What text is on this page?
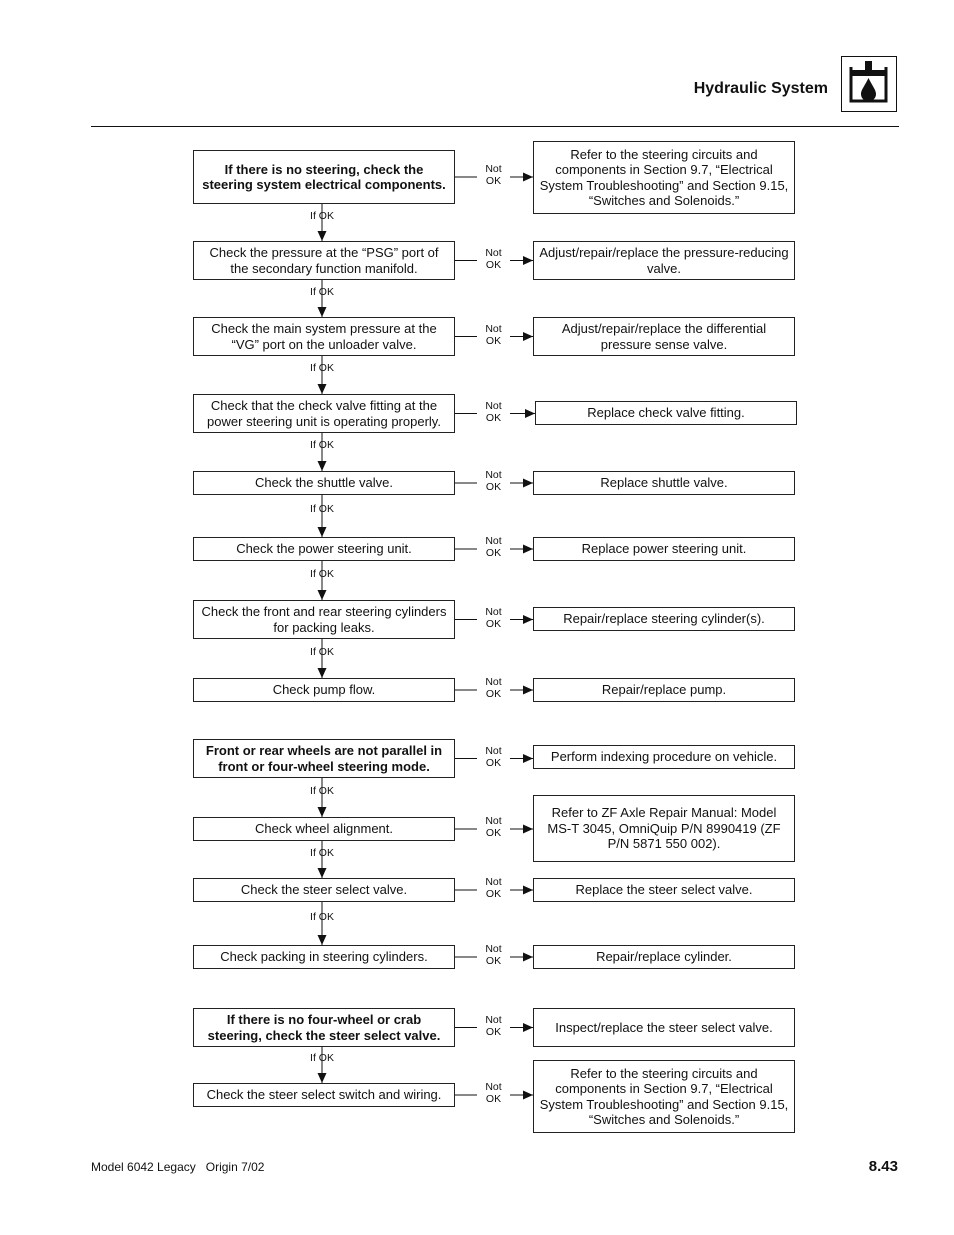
Hydraulic System
If there is no steering, check the steering system electrical components.
Refer to the steering circuits and components in Section 9.7, “Electrical System Troubleshooting” and Section 9.15, “Switches and Solenoids.”
Not
OK
If OK
Check the pressure at the “PSG” port of the secondary function manifold.
Adjust/repair/replace the pressure-reducing valve.
Not
OK
If OK
Check the main system pressure at the “VG” port on the unloader valve.
Adjust/repair/replace the differential pressure sense valve.
Not
OK
If OK
Check that the check valve fitting at the power steering unit is operating properly.
Replace check valve fitting.
Not
OK
If OK
Check the shuttle valve.	Replace shuttle valve.
Not
OK
If OK
Check the power steering unit.	Replace power steering unit.
Not
OK
If OK
Check the front and rear steering cylinders for packing leaks.
Repair/replace steering cylinder(s).
Not
OK
If OK
Check pump flow.	Repair/replace pump.
Not
OK
Front or rear wheels are not parallel in front or four-wheel steering mode.
Perform indexing procedure on vehicle.
Not
OK
If OK
Check wheel alignment.
Refer to ZF Axle Repair Manual: Model MS-T 3045, OmniQuip P/N 8990419 (ZF P/N 5871 550 002).
Not
OK
If OK
Check the steer select valve.	Replace the steer select valve.
Not
OK
If OK
Check packing in steering cylinders.	Repair/replace cylinder.
Not
OK
If there is no four-wheel or crab steering, check the steer select valve.
Inspect/replace the steer select valve.
Not
OK
If OK
Check the steer select switch and wiring.
Refer to the steering circuits and components in Section 9.7, “Electrical System Troubleshooting” and Section 9.15, “Switches and Solenoids.”
Not
OK
Model 6042 Legacy   Origin 7/02	8.43
